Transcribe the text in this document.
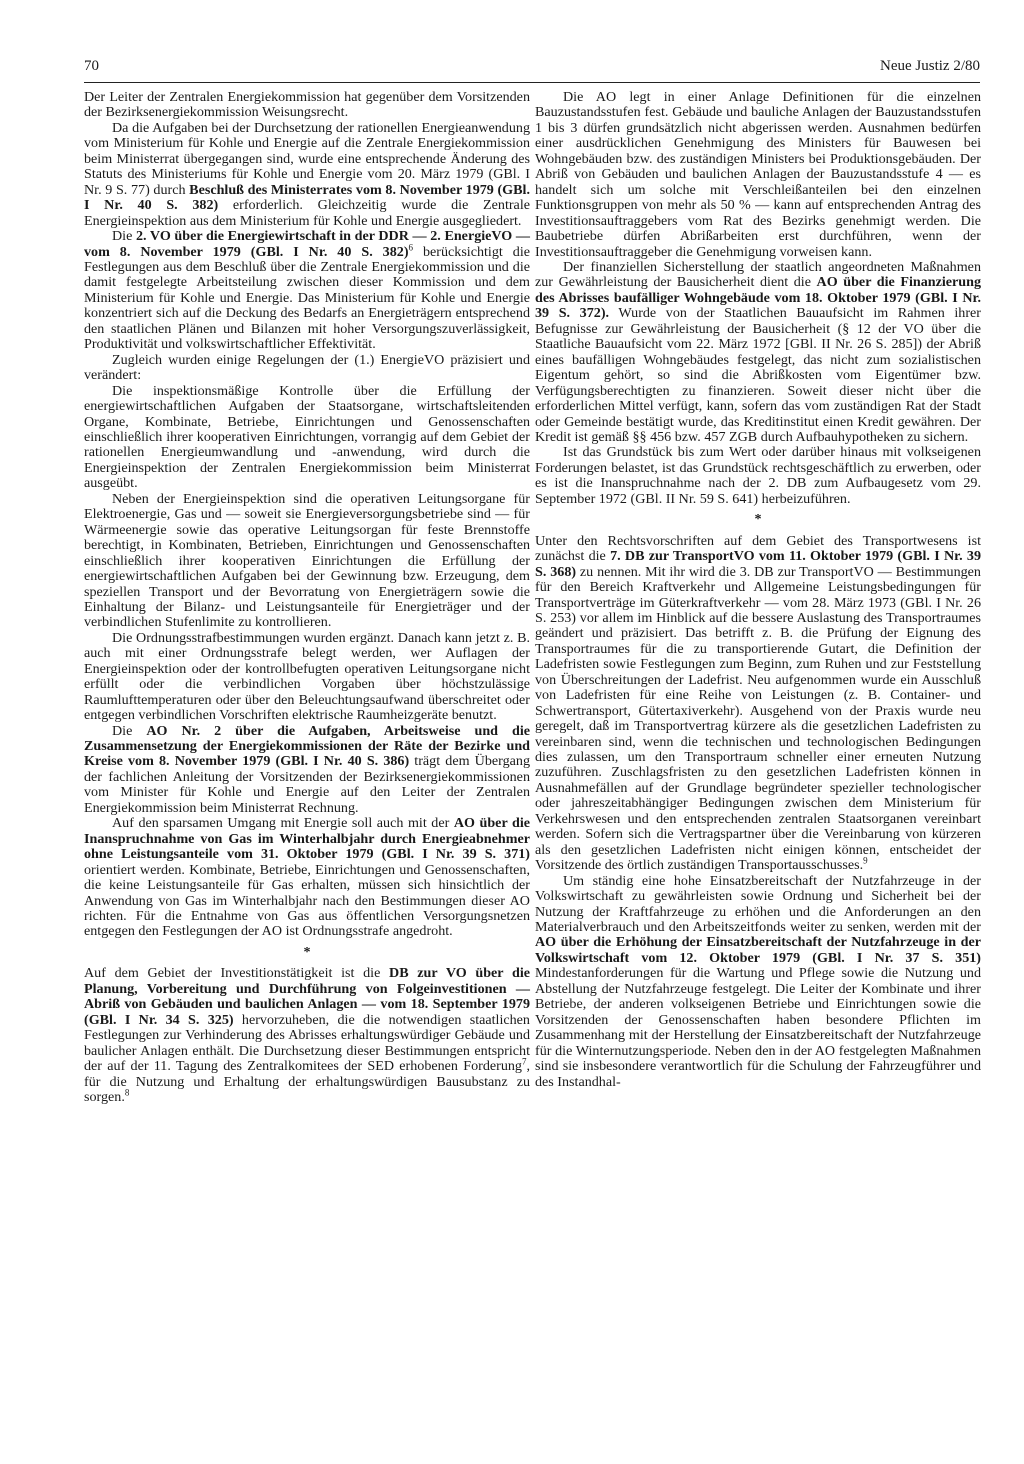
70	Neue Justiz 2/80

Der Leiter der Zentralen Energiekommission hat gegenüber dem Vorsitzenden der Bezirksenergiekommission Weisungsrecht.

Da die Aufgaben bei der Durchsetzung der rationellen Energieanwendung vom Ministerium für Kohle und Energie auf die Zentrale Energiekommission beim Ministerrat übergegangen sind, wurde eine entsprechende Änderung des Statuts des Ministeriums für Kohle und Energie vom 20. März 1979 (GBl. I Nr. 9 S. 77) durch Beschluß des Ministerrates vom 8. November 1979 (GBl. I Nr. 40 S. 382) erforderlich. Gleichzeitig wurde die Zentrale Energieinspektion aus dem Ministerium für Kohle und Energie ausgegliedert.

Die 2. VO über die Energiewirtschaft in der DDR — 2. EnergieVO — vom 8. November 1979 (GBl. I Nr. 40 S. 382)$^6$ berücksichtigt die Festlegungen aus dem Beschluß über die Zentrale Energiekommission und die damit festgelegte Arbeitsteilung zwischen dieser Kommission und dem Ministerium für Kohle und Energie. Das Ministerium für Kohle und Energie konzentriert sich auf die Deckung des Bedarfs an Energieträgern entsprechend den staatlichen Plänen und Bilanzen mit hoher Versorgungszuverlässigkeit, Produktivität und volkswirtschaftlicher Effektivität.

Zugleich wurden einige Regelungen der (1.) EnergieVO präzisiert und verändert:

Die inspektionsmäßige Kontrolle über die Erfüllung der energiewirtschaftlichen Aufgaben der Staatsorgane, wirtschaftsleitenden Organe, Kombinate, Betriebe, Einrichtungen und Genossenschaften einschließlich ihrer kooperativen Einrichtungen, vorrangig auf dem Gebiet der rationellen Energieumwandlung und -anwendung, wird durch die Energieinspektion der Zentralen Energiekommission beim Ministerrat ausgeübt.

Neben der Energieinspektion sind die operativen Leitungsorgane für Elektroenergie, Gas und — soweit sie Energieversorgungsbetriebe sind — für Wärmeenergie sowie das operative Leitungsorgan für feste Brennstoffe berechtigt, in Kombinaten, Betrieben, Einrichtungen und Genossenschaften einschließlich ihrer kooperativen Einrichtungen die Erfüllung der energiewirtschaftlichen Aufgaben bei der Gewinnung bzw. Erzeugung, dem speziellen Transport und der Bevorratung von Energieträgern sowie die Einhaltung der Bilanz- und Leistungsanteile für Energieträger und der verbindlichen Stufenlimite zu kontrollieren.

Die Ordnungsstrafbestimmungen wurden ergänzt. Danach kann jetzt z. B. auch mit einer Ordnungsstrafe belegt werden, wer Auflagen der Energieinspektion oder der kontrollbefugten operativen Leitungsorgane nicht erfüllt oder die verbindlichen Vorgaben über höchstzulässige Raumlufttemperaturen oder über den Beleuchtungsaufwand überschreitet oder entgegen verbindlichen Vorschriften elektrische Raumheizgeräte benutzt.

Die AO Nr. 2 über die Aufgaben, Arbeitsweise und die Zusammensetzung der Energiekommissionen der Räte der Bezirke und Kreise vom 8. November 1979 (GBl. I Nr. 40 S. 386) trägt dem Übergang der fachlichen Anleitung der Vorsitzenden der Bezirksenergiekommissionen vom Minister für Kohle und Energie auf den Leiter der Zentralen Energiekommission beim Ministerrat Rechnung.

Auf den sparsamen Umgang mit Energie soll auch mit der AO über die Inanspruchnahme von Gas im Winterhalbjahr durch Energieabnehmer ohne Leistungsanteile vom 31. Oktober 1979 (GBl. I Nr. 39 S. 371) orientiert werden. Kombinate, Betriebe, Einrichtungen und Genossenschaften, die keine Leistungsanteile für Gas erhalten, müssen sich hinsichtlich der Anwendung von Gas im Winterhalbjahr nach den Bestimmungen dieser AO richten. Für die Entnahme von Gas aus öffentlichen Versorgungsnetzen entgegen den Festlegungen der AO ist Ordnungsstrafe angedroht.

*

Auf dem Gebiet der Investitionstätigkeit ist die DB zur VO über die Planung, Vorbereitung und Durchführung von Folgeinvestitionen — Abriß von Gebäuden und baulichen Anlagen — vom 18. September 1979 (GBl. I Nr. 34 S. 325) hervorzuheben, die die notwendigen staatlichen Festlegungen zur Verhinderung des Abrisses erhaltungswürdiger Gebäude und baulicher Anlagen enthält. Die Durchsetzung dieser Bestimmungen entspricht der auf der 11. Tagung des Zentralkomitees der SED erhobenen Forderung$^7$, für die Nutzung und Erhaltung der erhaltungswürdigen Bausubstanz zu sorgen.$^8$

Die AO legt in einer Anlage Definitionen für die einzelnen Bauzustandsstufen fest. Gebäude und bauliche Anlagen der Bauzustandsstufen 1 bis 3 dürfen grundsätzlich nicht abgerissen werden. Ausnahmen bedürfen einer ausdrücklichen Genehmigung des Ministers für Bauwesen bei Wohngebäuden bzw. des zuständigen Ministers bei Produktionsgebäuden. Der Abriß von Gebäuden und baulichen Anlagen der Bauzustandsstufe 4 — es handelt sich um solche mit Verschleißanteilen bei den einzelnen Funktionsgruppen von mehr als 50 % — kann auf entsprechenden Antrag des Investitionsauftraggebers vom Rat des Bezirks genehmigt werden. Die Baubetriebe dürfen Abrißarbeiten erst durchführen, wenn der Investitionsauftraggeber die Genehmigung vorweisen kann.

Der finanziellen Sicherstellung der staatlich angeordneten Maßnahmen zur Gewährleistung der Bausicherheit dient die AO über die Finanzierung des Abrisses baufälliger Wohngebäude vom 18. Oktober 1979 (GBl. I Nr. 39 S. 372). Wurde von der Staatlichen Bauaufsicht im Rahmen ihrer Befugnisse zur Gewährleistung der Bausicherheit (§ 12 der VO über die Staatliche Bauaufsicht vom 22. März 1972 [GBl. II Nr. 26 S. 285]) der Abriß eines baufälligen Wohngebäudes festgelegt, das nicht zum sozialistischen Eigentum gehört, so sind die Abrißkosten vom Eigentümer bzw. Verfügungsberechtigten zu finanzieren. Soweit dieser nicht über die erforderlichen Mittel verfügt, kann, sofern das vom zuständigen Rat der Stadt oder Gemeinde bestätigt wurde, das Kreditinstitut einen Kredit gewähren. Der Kredit ist gemäß §§ 456 bzw. 457 ZGB durch Aufbauhypotheken zu sichern.

Ist das Grundstück bis zum Wert oder darüber hinaus mit volkseigenen Forderungen belastet, ist das Grundstück rechtsgeschäftlich zu erwerben, oder es ist die Inanspruchnahme nach der 2. DB zum Aufbaugesetz vom 29. September 1972 (GBl. II Nr. 59 S. 641) herbeizuführen.

*

Unter den Rechtsvorschriften auf dem Gebiet des Transportwesens ist zunächst die 7. DB zur TransportVO vom 11. Oktober 1979 (GBl. I Nr. 39 S. 368) zu nennen. Mit ihr wird die 3. DB zur TransportVO — Bestimmungen für den Bereich Kraftverkehr und Allgemeine Leistungsbedingungen für Transportverträge im Güterkraftverkehr — vom 28. März 1973 (GBl. I Nr. 26 S. 253) vor allem im Hinblick auf die bessere Auslastung des Transportraumes geändert und präzisiert. Das betrifft z. B. die Prüfung der Eignung des Transportraumes für die zu transportierende Gutart, die Definition der Ladefristen sowie Festlegungen zum Beginn, zum Ruhen und zur Feststellung von Überschreitungen der Ladefrist. Neu aufgenommen wurde ein Ausschluß von Ladefristen für eine Reihe von Leistungen (z. B. Container- und Schwertransport, Gütertaxiverkehr). Ausgehend von der Praxis wurde neu geregelt, daß im Transportvertrag kürzere als die gesetzlichen Ladefristen zu vereinbaren sind, wenn die technischen und technologischen Bedingungen dies zulassen, um den Transportraum schneller einer erneuten Nutzung zuzuführen. Zuschlagsfristen zu den gesetzlichen Ladefristen können in Ausnahmefällen auf der Grundlage begründeter spezieller technologischer oder jahreszeitabhängiger Bedingungen zwischen dem Ministerium für Verkehrswesen und den entsprechenden zentralen Staatsorganen vereinbart werden. Sofern sich die Vertragspartner über die Vereinbarung von kürzeren als den gesetzlichen Ladefristen nicht einigen können, entscheidet der Vorsitzende des örtlich zuständigen Transportausschusses.$^9$

Um ständig eine hohe Einsatzbereitschaft der Nutzfahrzeuge in der Volkswirtschaft zu gewährleisten sowie Ordnung und Sicherheit bei der Nutzung der Kraftfahrzeuge zu erhöhen und die Anforderungen an den Materialverbrauch und den Arbeitszeitfonds weiter zu senken, werden mit der AO über die Erhöhung der Einsatzbereitschaft der Nutzfahrzeuge in der Volkswirtschaft vom 12. Oktober 1979 (GBl. I Nr. 37 S. 351) Mindestanforderungen für die Wartung und Pflege sowie die Nutzung und Abstellung der Nutzfahrzeuge festgelegt. Die Leiter der Kombinate und ihrer Betriebe, der anderen volkseigenen Betriebe und Einrichtungen sowie die Vorsitzenden der Genossenschaften haben besondere Pflichten im Zusammenhang mit der Herstellung der Einsatzbereitschaft der Nutzfahrzeuge für die Winternutzungsperiode. Neben den in der AO festgelegten Maßnahmen sind sie insbesondere verantwortlich für die Schulung der Fahrzeugführer und des Instandhal-
